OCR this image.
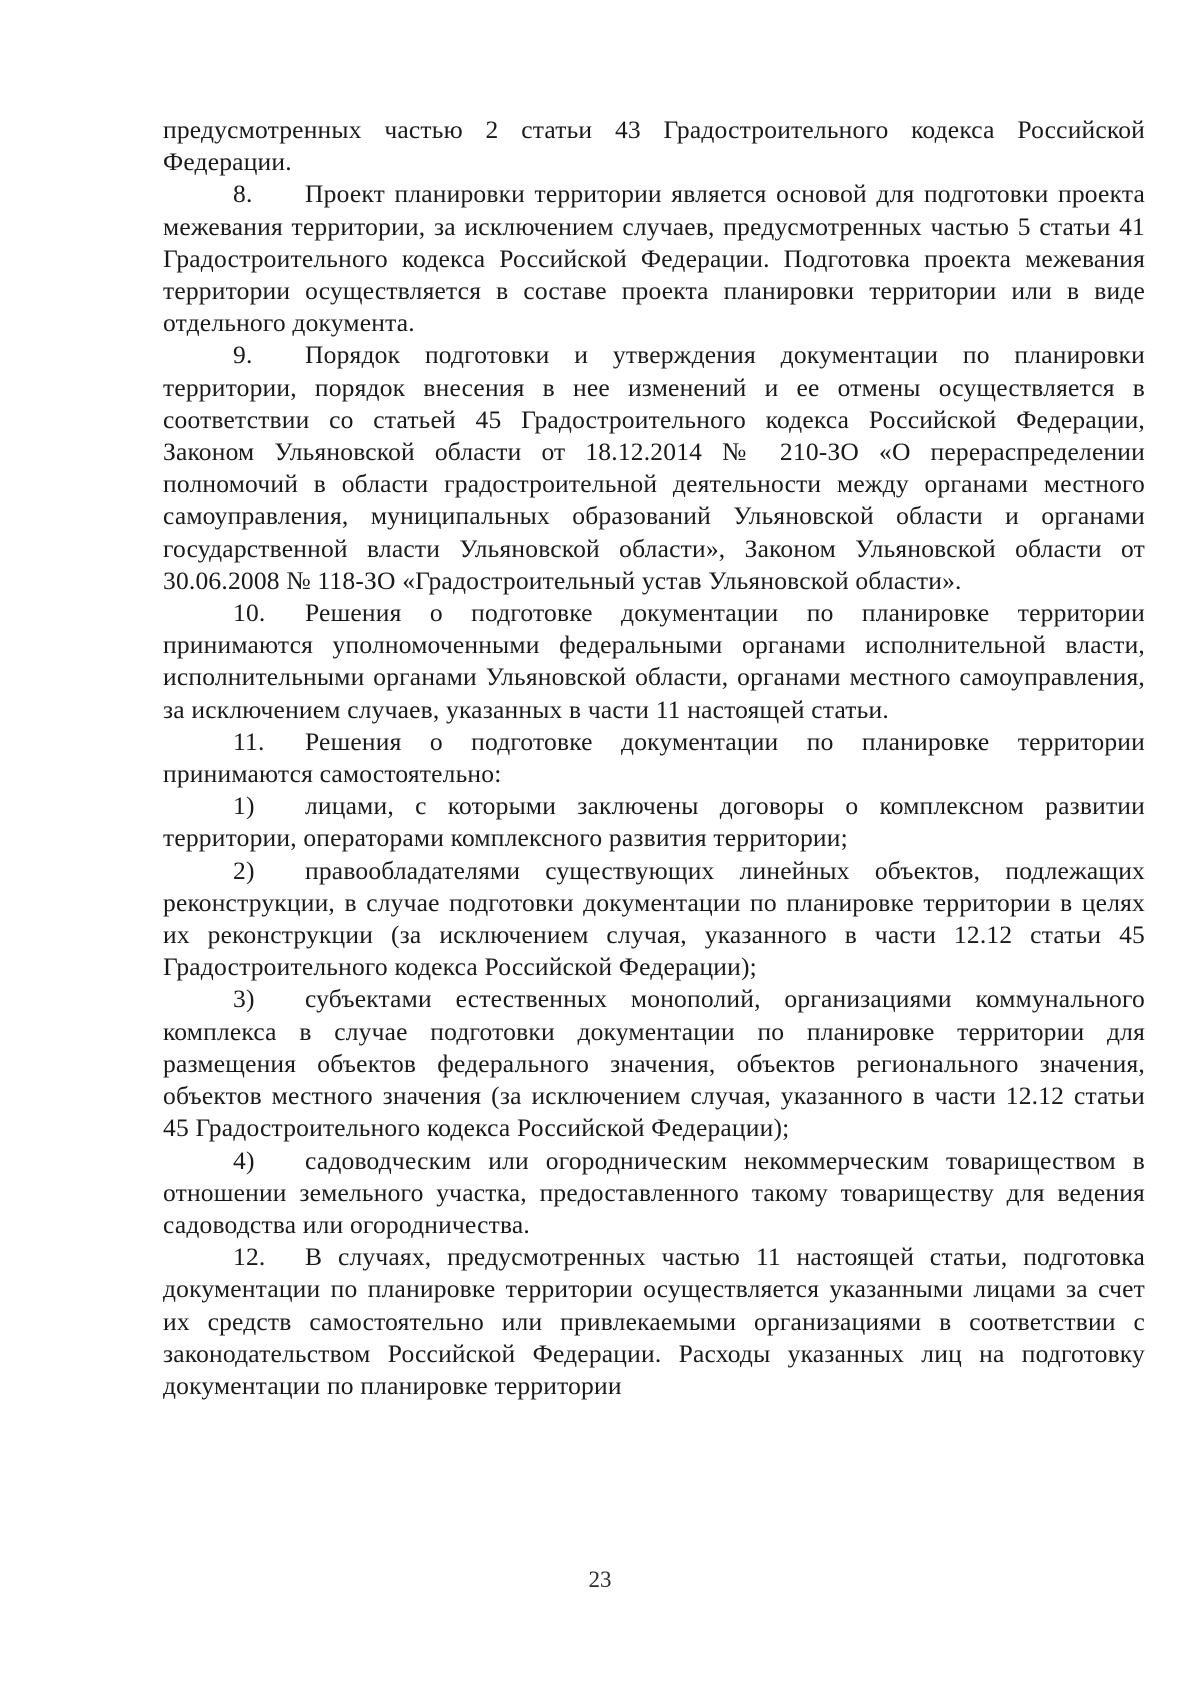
предусмотренных частью 2 статьи 43 Градостроительного кодекса Российской Федерации.

8. Проект планировки территории является основой для подготовки проекта межевания территории, за исключением случаев, предусмотренных частью 5 статьи 41 Градостроительного кодекса Российской Федерации. Подготовка проекта межевания территории осуществляется в составе проекта планировки территории или в виде отдельного документа.

9. Порядок подготовки и утверждения документации по планировки территории, порядок внесения в нее изменений и ее отмены осуществляется в соответствии со статьей 45 Градостроительного кодекса Российской Федерации, Законом Ульяновской области от 18.12.2014 № 210-ЗО «О перераспределении полномочий в области градостроительной деятельности между органами местного самоуправления, муниципальных образований Ульяновской области и органами государственной власти Ульяновской области», Законом Ульяновской области от 30.06.2008 № 118-ЗО «Градостроительный устав Ульяновской области».

10. Решения о подготовке документации по планировке территории принимаются уполномоченными федеральными органами исполнительной власти, исполнительными органами Ульяновской области, органами местного самоуправления, за исключением случаев, указанных в части 11 настоящей статьи.

11. Решения о подготовке документации по планировке территории принимаются самостоятельно:

1) лицами, с которыми заключены договоры о комплексном развитии территории, операторами комплексного развития территории;

2) правообладателями существующих линейных объектов, подлежащих реконструкции, в случае подготовки документации по планировке территории в целях их реконструкции (за исключением случая, указанного в части 12.12 статьи 45 Градостроительного кодекса Российской Федерации);

3) субъектами естественных монополий, организациями коммунального комплекса в случае подготовки документации по планировке территории для размещения объектов федерального значения, объектов регионального значения, объектов местного значения (за исключением случая, указанного в части 12.12 статьи 45 Градостроительного кодекса Российской Федерации);

4) садоводческим или огородническим некоммерческим товариществом в отношении земельного участка, предоставленного такому товариществу для ведения садоводства или огородничества.

12. В случаях, предусмотренных частью 11 настоящей статьи, подготовка документации по планировке территории осуществляется указанными лицами за счет их средств самостоятельно или привлекаемыми организациями в соответствии с законодательством Российской Федерации. Расходы указанных лиц на подготовку документации по планировке территории

23
